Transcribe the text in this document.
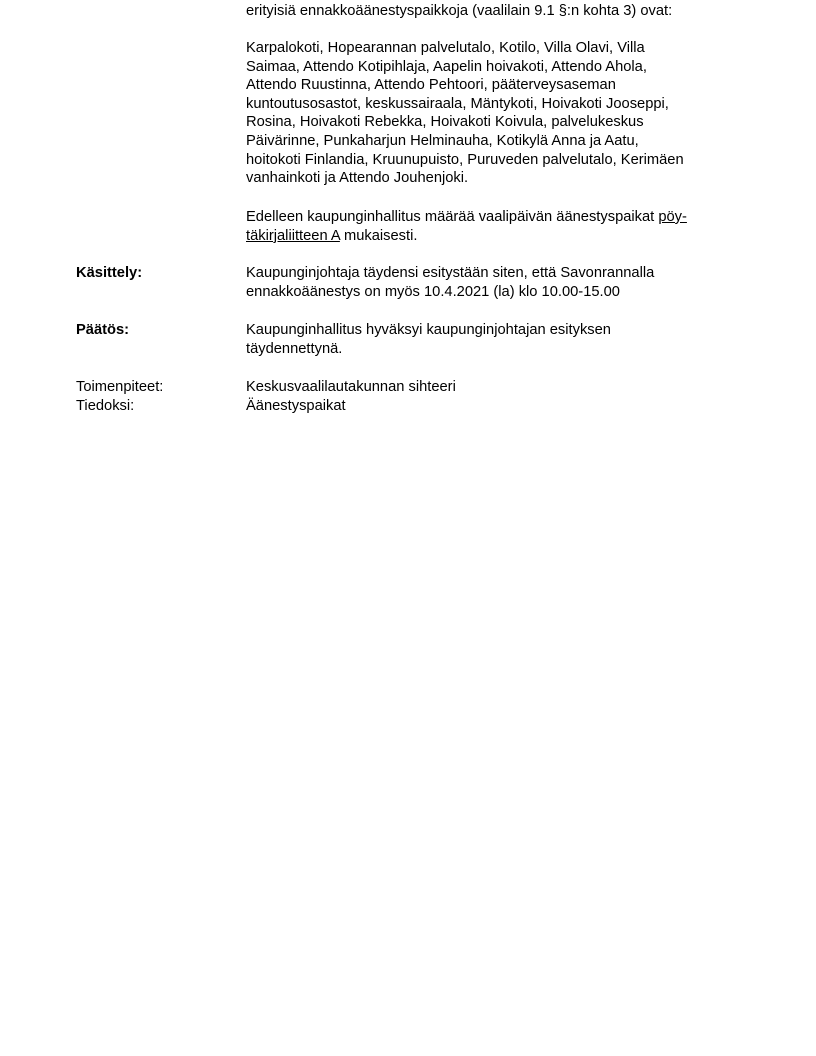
erityisiä ennakkoäänestyspaikkoja (vaalilain 9.1 §:n kohta 3) ovat:
Karpalokoti, Hopearannan palvelutalo, Kotilo, Villa Olavi, Villa
Saimaa, Attendo Kotipihlaja, Aapelin hoivakoti, Attendo Ahola,
Attendo Ruustinna, Attendo Pehtoori, pääterveysaseman
kuntoutusosastot, keskussairaala, Mäntykoti, Hoivakoti Jooseppi,
Rosina, Hoivakoti Rebekka, Hoivakoti Koivula, palvelukeskus
Päivärinne, Punkaharjun Helminauha, Kotikylä Anna ja Aatu,
hoitokoti Finlandia, Kruunupuisto, Puruveden palvelutalo, Kerimäen
vanhainkoti ja Attendo Jouhenjoki.
Edelleen kaupunginhallitus määrää vaalipäivän äänestyspaikat pöy-
täkirjaliitteen A mukaisesti.
Käsittely:	Kaupunginjohtaja täydensi esitystään siten, että Savonrannalla
ennakkoäänestys on myös 10.4.2021 (la) klo 10.00-15.00
Päätös:	Kaupunginhallitus hyväksyi kaupunginjohtajan esityksen
täydennettynä.
Toimenpiteet:	Keskusvaalilautakunnan sihteeri
Tiedoksi:	Äänestyspaikat
